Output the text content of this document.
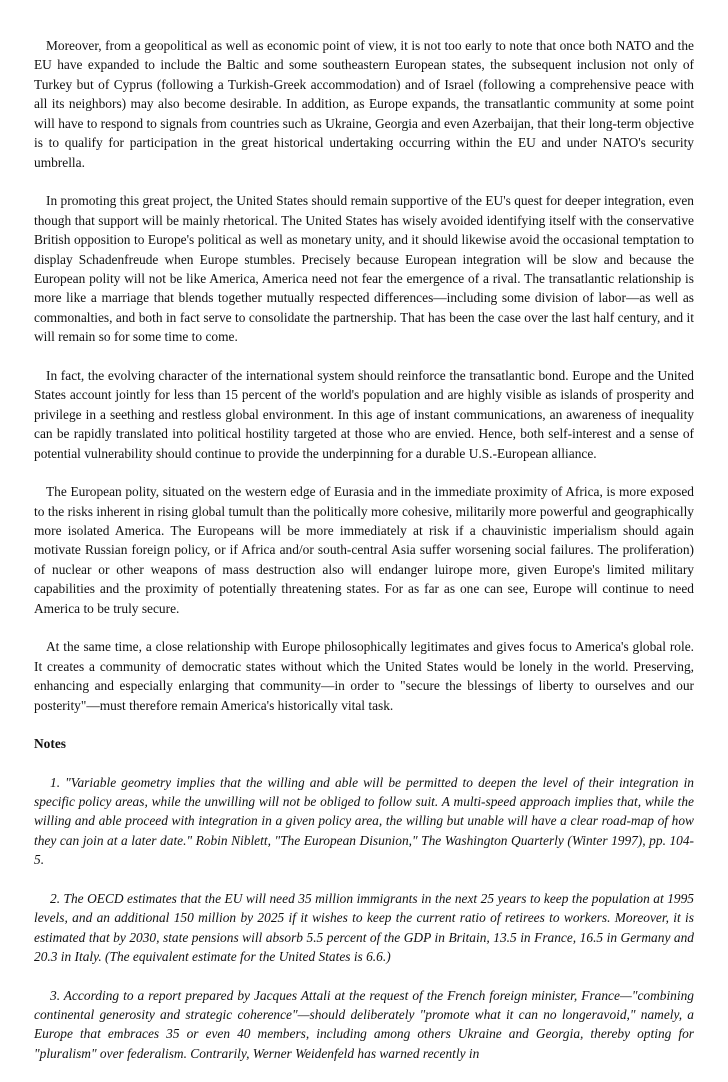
Moreover, from a geopolitical as well as economic point of view, it is not too early to note that once both NATO and the EU have expanded to include the Baltic and some southeastern European states, the subsequent inclusion not only of Turkey but of Cyprus (following a Turkish-Greek accommodation) and of Israel (following a comprehensive peace with all its neighbors) may also become desirable. In addition, as Europe expands, the transatlantic community at some point will have to respond to signals from countries such as Ukraine, Georgia and even Azerbaijan, that their long-term objective is to qualify for participation in the great historical undertaking occurring within the EU and under NATO's security umbrella.

In promoting this great project, the United States should remain supportive of the EU's quest for deeper integration, even though that support will be mainly rhetorical. The United States has wisely avoided identifying itself with the conservative British opposition to Europe's political as well as monetary unity, and it should likewise avoid the occasional temptation to display Schadenfreude when Europe stumbles. Precisely because European integration will be slow and because the European polity will not be like America, America need not fear the emergence of a rival. The transatlantic relationship is more like a marriage that blends together mutually respected differences—including some division of labor—as well as commonalties, and both in fact serve to consolidate the partnership. That has been the case over the last half century, and it will remain so for some time to come.

In fact, the evolving character of the international system should reinforce the transatlantic bond. Europe and the United States account jointly for less than 15 percent of the world's population and are highly visible as islands of prosperity and privilege in a seething and restless global environment. In this age of instant communications, an awareness of inequality can be rapidly translated into political hostility targeted at those who are envied. Hence, both self-interest and a sense of potential vulnerability should continue to provide the underpinning for a durable U.S.-European alliance.

The European polity, situated on the western edge of Eurasia and in the immediate proximity of Africa, is more exposed to the risks inherent in rising global tumult than the politically more cohesive, militarily more powerful and geographically more isolated America. The Europeans will be more immediately at risk if a chauvinistic imperialism should again motivate Russian foreign policy, or if Africa and/or south-central Asia suffer worsening social failures. The proliferation) of nuclear or other weapons of mass destruction also will endanger luirope more, given Europe's limited military capabilities and the proximity of potentially threatening states. For as far as one can see, Europe will continue to need America to be truly secure.

At the same time, a close relationship with Europe philosophically legitimates and gives focus to America's global role. It creates a community of democratic states without which the United States would be lonely in the world. Preserving, enhancing and especially enlarging that community—in order to "secure the blessings of liberty to ourselves and our posterity"—must therefore remain America's historically vital task.

Notes

1. "Variable geometry implies that the willing and able will be permitted to deepen the level of their integration in specific policy areas, while the unwilling will not be obliged to follow suit. A multi-speed approach implies that, while the willing and able proceed with integration in a given policy area, the willing but unable will have a clear road-map of how they can join at a later date." Robin Niblett, "The European Disunion," The Washington Quarterly (Winter 1997), pp. 104-5.

2. The OECD estimates that the EU will need 35 million immigrants in the next 25 years to keep the population at 1995 levels, and an additional 150 million by 2025 if it wishes to keep the current ratio of retirees to workers. Moreover, it is estimated that by 2030, state pensions will absorb 5.5 percent of the GDP in Britain, 13.5 in France, 16.5 in Germany and 20.3 in Italy. (The equivalent estimate for the United States is 6.6.)

3. According to a report prepared by Jacques Attali at the request of the French foreign minister, France—"combining continental generosity and strategic coherence"—should deliberately "promote what it can no longeravoid," namely, a Europe that embraces 35 or even 40 members, including among others Ukraine and Georgia, thereby opting for "pluralism" over federalism. Contrarily, Werner Weidenfeld has warned recently in
